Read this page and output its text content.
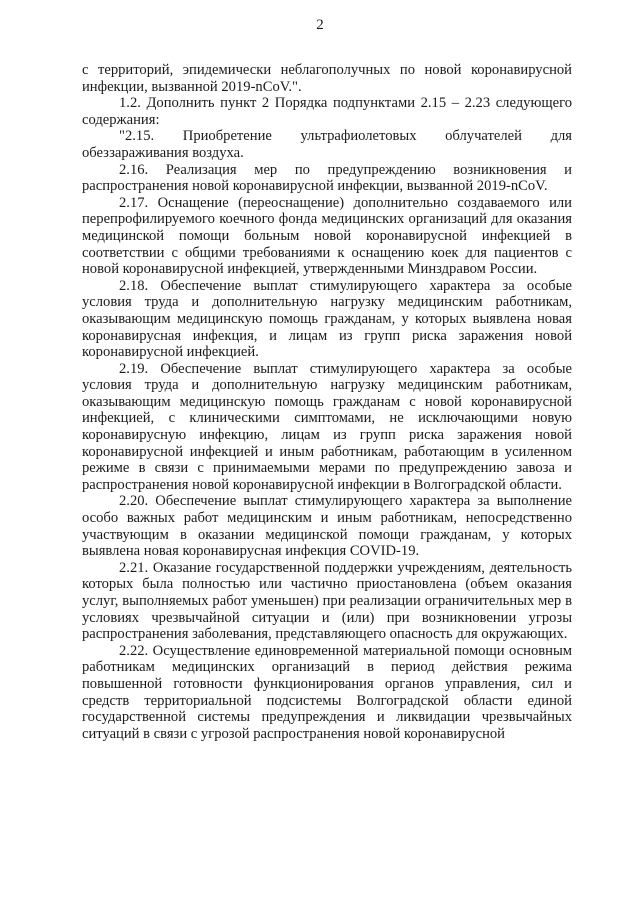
2

с территорий, эпидемически неблагополучных по новой коронавирусной инфекции, вызванной 2019-nCoV.".

1.2. Дополнить пункт 2 Порядка подпунктами 2.15 – 2.23 следующего содержания:

"2.15. Приобретение ультрафиолетовых облучателей для обеззараживания воздуха.

2.16. Реализация мер по предупреждению возникновения и распространения новой коронавирусной инфекции, вызванной 2019-nCoV.

2.17. Оснащение (переоснащение) дополнительно создаваемого или перепрофилируемого коечного фонда медицинских организаций для оказания медицинской помощи больным новой коронавирусной инфекцией в соответствии с общими требованиями к оснащению коек для пациентов с новой коронавирусной инфекцией, утвержденными Минздравом России.

2.18. Обеспечение выплат стимулирующего характера за особые условия труда и дополнительную нагрузку медицинским работникам, оказывающим медицинскую помощь гражданам, у которых выявлена новая коронавирусная инфекция, и лицам из групп риска заражения новой коронавирусной инфекцией.

2.19. Обеспечение выплат стимулирующего характера за особые условия труда и дополнительную нагрузку медицинским работникам, оказывающим медицинскую помощь гражданам с новой коронавирусной инфекцией, с клиническими симптомами, не исключающими новую коронавирусную инфекцию, лицам из групп риска заражения новой коронавирусной инфекцией и иным работникам, работающим в усиленном режиме в связи с принимаемыми мерами по предупреждению завоза и распространения новой коронавирусной инфекции в Волгоградской области.

2.20. Обеспечение выплат стимулирующего характера за выполнение особо важных работ медицинским и иным работникам, непосредственно участвующим в оказании медицинской помощи гражданам, у которых выявлена новая коронавирусная инфекция COVID-19.

2.21. Оказание государственной поддержки учреждениям, деятельность которых была полностью или частично приостановлена (объем оказания услуг, выполняемых работ уменьшен) при реализации ограничительных мер в условиях чрезвычайной ситуации и (или) при возникновении угрозы распространения заболевания, представляющего опасность для окружающих.

2.22. Осуществление единовременной материальной помощи основным работникам медицинских организаций в период действия режима повышенной готовности функционирования органов управления, сил и средств территориальной подсистемы Волгоградской области единой государственной системы предупреждения и ликвидации чрезвычайных ситуаций в связи с угрозой распространения новой коронавирусной
